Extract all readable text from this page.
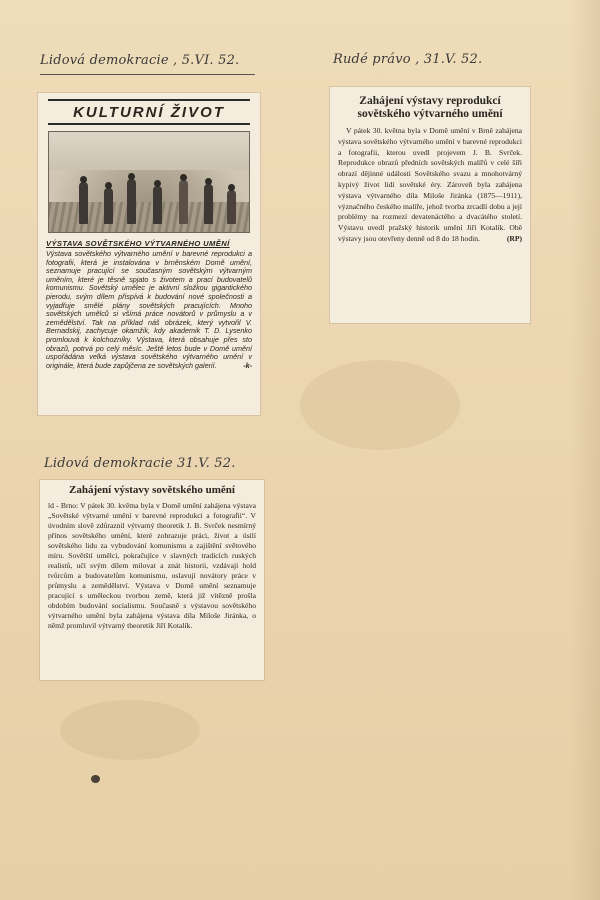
Lidová demokracie , 5.VI. 52.	Rudé právo , 31.V. 52.
Lidová demokracie 31.V. 52.
KULTURNÍ ŽIVOT
VÝSTAVA SOVĚTSKÉHO VÝTVARNÉHO UMĚNÍ
Výstava sovětského výtvarného umění v barevné reprodukci a fotografii, která je instalována v brněnském Domě umění, seznamuje pracující se současným sovětským výtvarným uměním, které je těsně spjato s životem a prací budovatelů komunismu. Sovětský umělec je aktivní složkou gigantického pierodu, svým dílem přispívá k budování nové společnosti a vyjadřuje smělé plány sovětských pracujících. Mnoho sovětských umělců si všímá práce novátorů v průmyslu a v zemědělství. Tak na příklad náš obrázek, který vytvořil V. Bernadskij, zachycuje okamžik, kdy akademik T. D. Lysenko promlouvá k kolchozníky. Výstava, která obsahuje přes sto obrazů, potrvá po celý měsíc. Ještě letos bude v Domě umění uspořádána velká výstava sovětského výtvarného umění v originále, která bude zapůjčena ze sovětských galerií.	-k-
Zahájení výstavy reprodukcí sovětského výtvarného umění
V pátek 30. května byla v Domě umění v Brně zahájena výstava sovětského výtvarného umění v barevné reprodukci a fotografii, kterou uvedl projevem J. B. Svrček. Reprodukce obrazů předních sovětských malířů v celé šíři obrazí dějinné události Sovětského svazu a mnohotvárný kypivý život lidí sovětské éry. Zároveň byla zahájena výstava výtvarného díla Miloše Jiránka (1875—1911), význačného českého malíře, jehož tvorba zrcadlí dobu a její problémy na rozmezí devatenáctého a dvacátého století. Výstavu uvedl pražský historik umění Jiří Kotalík. Obě výstavy jsou otevřeny denně od 8 do 18 hodin.	(RP)
Zahájení výstavy sovětského umění
ld - Brno: V pátek 30. května byla v Domě umění zahájena výstava „Sovětské výtvarné umění v barevné reprodukci a fotografii“. V úvodním slově zdůraznil výtvarný theoretik J. B. Svrček nesmírný přínos sovětského umění, které zobrazuje práci, život a úsilí sovětského lidu za vybudování komunismu a zajištění světového míru. Sovětští umělci, pokračujíce v slavných tradicích ruských realistů, učí svým dílem milovat a znát historii, vzdávají hold tvůrcům a budovatelům komunismu, oslavují novátory práce v průmyslu a zemědělství. Výstava v Domě umění seznamuje pracující s uměleckou tvorbou země, která již vítězně prošla obdobím budování socialismu. Současně s výstavou sovětského výtvarného umění byla zahájena výstava díla Miloše Jiránka, o němž promluvil výtvarný theoretik Jiří Kotalík.
